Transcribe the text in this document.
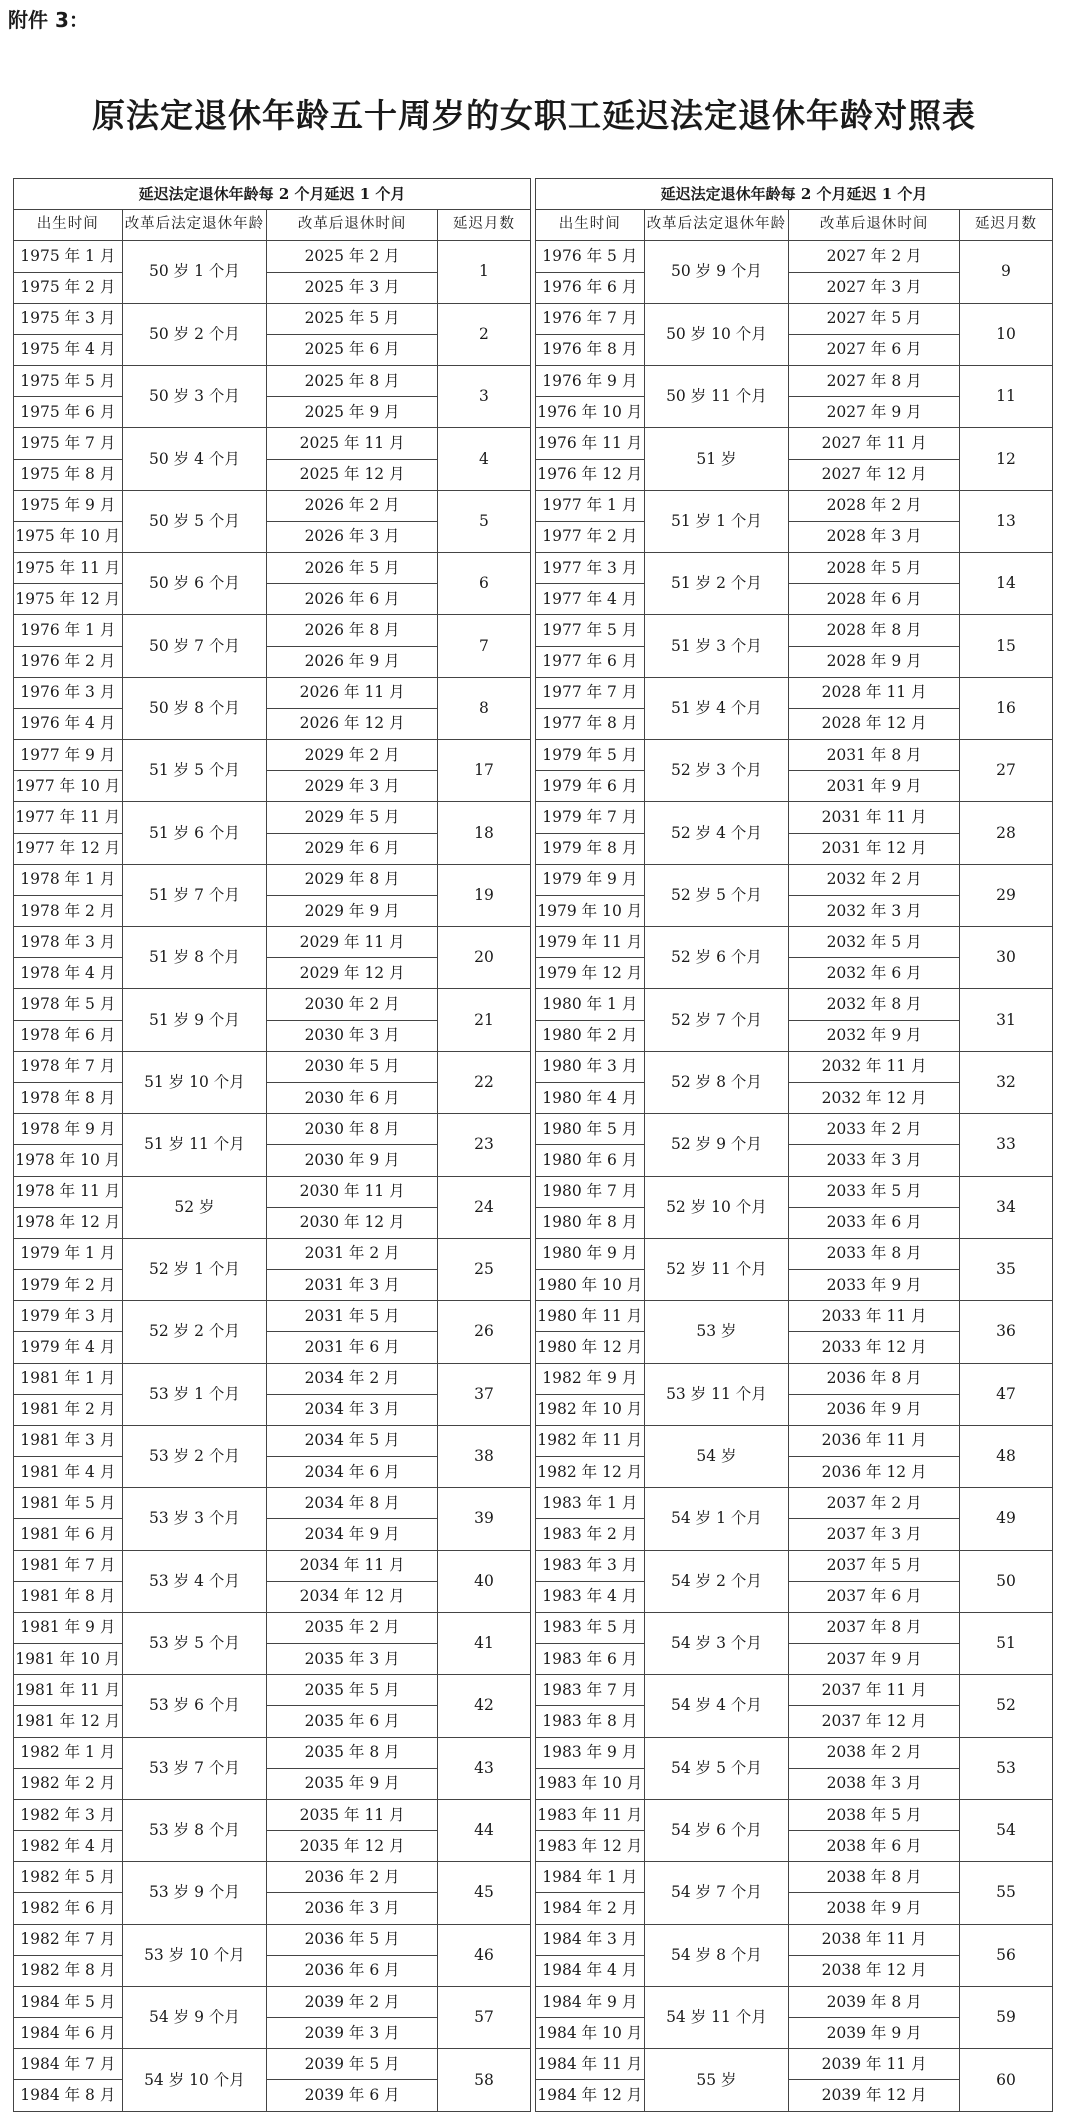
附件 3：
原法定退休年龄五十周岁的女职工延迟法定退休年龄对照表
延迟法定退休年龄每 2 个月延迟 1 个月			
出生时间	改革后法定退休年龄	改革后退休时间	延迟月数
1975 年 1 月	50 岁 1 个月	2025 年 2 月	1
1975 年 2 月		2025 年 3 月	
1975 年 3 月	50 岁 2 个月	2025 年 5 月	2
1975 年 4 月		2025 年 6 月	
1975 年 5 月	50 岁 3 个月	2025 年 8 月	3
1975 年 6 月		2025 年 9 月	
1975 年 7 月	50 岁 4 个月	2025 年 11 月	4
1975 年 8 月		2025 年 12 月	
1975 年 9 月	50 岁 5 个月	2026 年 2 月	5
1975 年 10 月		2026 年 3 月	
1975 年 11 月	50 岁 6 个月	2026 年 5 月	6
1975 年 12 月		2026 年 6 月	
1976 年 1 月	50 岁 7 个月	2026 年 8 月	7
1976 年 2 月		2026 年 9 月	
1976 年 3 月	50 岁 8 个月	2026 年 11 月	8
1976 年 4 月		2026 年 12 月	
1977 年 9 月	51 岁 5 个月	2029 年 2 月	17
1977 年 10 月		2029 年 3 月	
1977 年 11 月	51 岁 6 个月	2029 年 5 月	18
1977 年 12 月		2029 年 6 月	
1978 年 1 月	51 岁 7 个月	2029 年 8 月	19
1978 年 2 月		2029 年 9 月	
1978 年 3 月	51 岁 8 个月	2029 年 11 月	20
1978 年 4 月		2029 年 12 月	
1978 年 5 月	51 岁 9 个月	2030 年 2 月	21
1978 年 6 月		2030 年 3 月	
1978 年 7 月	51 岁 10 个月	2030 年 5 月	22
1978 年 8 月		2030 年 6 月	
1978 年 9 月	51 岁 11 个月	2030 年 8 月	23
1978 年 10 月		2030 年 9 月	
1978 年 11 月	52 岁	2030 年 11 月	24
1978 年 12 月		2030 年 12 月	
1979 年 1 月	52 岁 1 个月	2031 年 2 月	25
1979 年 2 月		2031 年 3 月	
1979 年 3 月	52 岁 2 个月	2031 年 5 月	26
1979 年 4 月		2031 年 6 月	
1981 年 1 月	53 岁 1 个月	2034 年 2 月	37
1981 年 2 月		2034 年 3 月	
1981 年 3 月	53 岁 2 个月	2034 年 5 月	38
1981 年 4 月		2034 年 6 月	
1981 年 5 月	53 岁 3 个月	2034 年 8 月	39
1981 年 6 月		2034 年 9 月	
1981 年 7 月	53 岁 4 个月	2034 年 11 月	40
1981 年 8 月		2034 年 12 月	
1981 年 9 月	53 岁 5 个月	2035 年 2 月	41
1981 年 10 月		2035 年 3 月	
1981 年 11 月	53 岁 6 个月	2035 年 5 月	42
1981 年 12 月		2035 年 6 月	
1982 年 1 月	53 岁 7 个月	2035 年 8 月	43
1982 年 2 月		2035 年 9 月	
1982 年 3 月	53 岁 8 个月	2035 年 11 月	44
1982 年 4 月		2035 年 12 月	
1982 年 5 月	53 岁 9 个月	2036 年 2 月	45
1982 年 6 月		2036 年 3 月	
1982 年 7 月	53 岁 10 个月	2036 年 5 月	46
1982 年 8 月		2036 年 6 月	
1984 年 5 月	54 岁 9 个月	2039 年 2 月	57
1984 年 6 月		2039 年 3 月	
1984 年 7 月	54 岁 10 个月	2039 年 5 月	58
1984 年 8 月		2039 年 6 月	
延迟法定退休年龄每 2 个月延迟 1 个月			
出生时间	改革后法定退休年龄	改革后退休时间	延迟月数
1976 年 5 月	50 岁 9 个月	2027 年 2 月	9
1976 年 6 月		2027 年 3 月	
1976 年 7 月	50 岁 10 个月	2027 年 5 月	10
1976 年 8 月		2027 年 6 月	
1976 年 9 月	50 岁 11 个月	2027 年 8 月	11
1976 年 10 月		2027 年 9 月	
1976 年 11 月	51 岁	2027 年 11 月	12
1976 年 12 月		2027 年 12 月	
1977 年 1 月	51 岁 1 个月	2028 年 2 月	13
1977 年 2 月		2028 年 3 月	
1977 年 3 月	51 岁 2 个月	2028 年 5 月	14
1977 年 4 月		2028 年 6 月	
1977 年 5 月	51 岁 3 个月	2028 年 8 月	15
1977 年 6 月		2028 年 9 月	
1977 年 7 月	51 岁 4 个月	2028 年 11 月	16
1977 年 8 月		2028 年 12 月	
1979 年 5 月	52 岁 3 个月	2031 年 8 月	27
1979 年 6 月		2031 年 9 月	
1979 年 7 月	52 岁 4 个月	2031 年 11 月	28
1979 年 8 月		2031 年 12 月	
1979 年 9 月	52 岁 5 个月	2032 年 2 月	29
1979 年 10 月		2032 年 3 月	
1979 年 11 月	52 岁 6 个月	2032 年 5 月	30
1979 年 12 月		2032 年 6 月	
1980 年 1 月	52 岁 7 个月	2032 年 8 月	31
1980 年 2 月		2032 年 9 月	
1980 年 3 月	52 岁 8 个月	2032 年 11 月	32
1980 年 4 月		2032 年 12 月	
1980 年 5 月	52 岁 9 个月	2033 年 2 月	33
1980 年 6 月		2033 年 3 月	
1980 年 7 月	52 岁 10 个月	2033 年 5 月	34
1980 年 8 月		2033 年 6 月	
1980 年 9 月	52 岁 11 个月	2033 年 8 月	35
1980 年 10 月		2033 年 9 月	
1980 年 11 月	53 岁	2033 年 11 月	36
1980 年 12 月		2033 年 12 月	
1982 年 9 月	53 岁 11 个月	2036 年 8 月	47
1982 年 10 月		2036 年 9 月	
1982 年 11 月	54 岁	2036 年 11 月	48
1982 年 12 月		2036 年 12 月	
1983 年 1 月	54 岁 1 个月	2037 年 2 月	49
1983 年 2 月		2037 年 3 月	
1983 年 3 月	54 岁 2 个月	2037 年 5 月	50
1983 年 4 月		2037 年 6 月	
1983 年 5 月	54 岁 3 个月	2037 年 8 月	51
1983 年 6 月		2037 年 9 月	
1983 年 7 月	54 岁 4 个月	2037 年 11 月	52
1983 年 8 月		2037 年 12 月	
1983 年 9 月	54 岁 5 个月	2038 年 2 月	53
1983 年 10 月		2038 年 3 月	
1983 年 11 月	54 岁 6 个月	2038 年 5 月	54
1983 年 12 月		2038 年 6 月	
1984 年 1 月	54 岁 7 个月	2038 年 8 月	55
1984 年 2 月		2038 年 9 月	
1984 年 3 月	54 岁 8 个月	2038 年 11 月	56
1984 年 4 月		2038 年 12 月	
1984 年 9 月	54 岁 11 个月	2039 年 8 月	59
1984 年 10 月		2039 年 9 月	
1984 年 11 月	55 岁	2039 年 11 月	60
1984 年 12 月		2039 年 12 月	
